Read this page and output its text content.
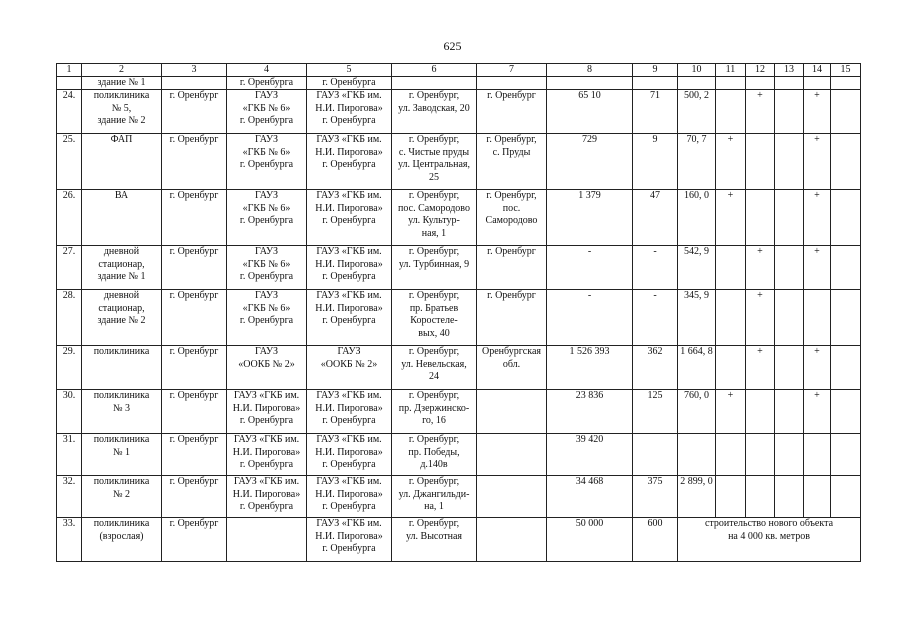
625
1	2	3	4	5	6	7	8	9	10	11	12	13	14	15

	здание № 1		г. Оренбурга	г. Оренбурга										

24.	поликлиника
№ 5,
здание № 2	г. Оренбург	ГАУЗ
«ГКБ № 6»
г. Оренбурга	ГАУЗ «ГКБ им.
Н.И. Пирогова»
г. Оренбурга	г. Оренбург,
ул. Заводская, 20	г. Оренбург	65 10	71	500, 2		+		+	
25.	ФАП	г. Оренбург	ГАУЗ
«ГКБ № 6»
г. Оренбурга	ГАУЗ «ГКБ им.
Н.И. Пирогова»
г. Оренбурга	г. Оренбург,
с. Чистые пруды
ул. Центральная,
25	г. Оренбург,
с. Пруды	729	9	70, 7	+			+	
26.	ВА	г. Оренбург	ГАУЗ
«ГКБ № 6»
г. Оренбурга	ГАУЗ «ГКБ им.
Н.И. Пирогова»
г. Оренбурга	г. Оренбург,
пос. Самородово
ул. Культур-
ная, 1	г. Оренбург,
пос.
Самородово	1 379	47	160, 0	+			+	
27.	дневной
стационар,
здание № 1	г. Оренбург	ГАУЗ
«ГКБ № 6»
г. Оренбурга	ГАУЗ «ГКБ им.
Н.И. Пирогова»
г. Оренбурга	г. Оренбург,
ул. Турбинная, 9	г. Оренбург	-	-	542, 9		+		+	
28.	дневной
стационар,
здание № 2	г. Оренбург	ГАУЗ
«ГКБ № 6»
г. Оренбурга	ГАУЗ «ГКБ им.
Н.И. Пирогова»
г. Оренбурга	г. Оренбург,
пр. Братьев
Коростеле-
вых, 40	г. Оренбург	-	-	345, 9		+			
29.	поликлиника	г. Оренбург	ГАУЗ
«ООКБ № 2»	ГАУЗ
«ООКБ № 2»	г. Оренбург,
ул. Невельская,
24	Оренбургская
обл.	1 526 393	362	1 664, 8		+		+	
30.	поликлиника
№ 3	г. Оренбург	ГАУЗ «ГКБ им.
Н.И. Пирогова»
г. Оренбурга	ГАУЗ «ГКБ им.
Н.И. Пирогова»
г. Оренбурга	г. Оренбург,
пр. Дзержинско-
го, 16		23 836	125	760, 0	+			+	
31.	поликлиника
№ 1	г. Оренбург	ГАУЗ «ГКБ им.
Н.И. Пирогова»
г. Оренбурга	ГАУЗ «ГКБ им.
Н.И. Пирогова»
г. Оренбурга	г. Оренбург,
пр. Победы,
д.140в		39 420							
32.	поликлиника
№ 2	г. Оренбург	ГАУЗ «ГКБ им.
Н.И. Пирогова»
г. Оренбурга	ГАУЗ «ГКБ им.
Н.И. Пирогова»
г. Оренбурга	г. Оренбург,
ул. Джангильди-
на, 1		34 468	375	2 899, 0					
33.	поликлиника
(взрослая)	г. Оренбург		ГАУЗ «ГКБ им.
Н.И. Пирогова»
г. Оренбурга	г. Оренбург,
ул. Высотная		50 000	600	строительство нового объекта
на 4 000 кв. метров					
